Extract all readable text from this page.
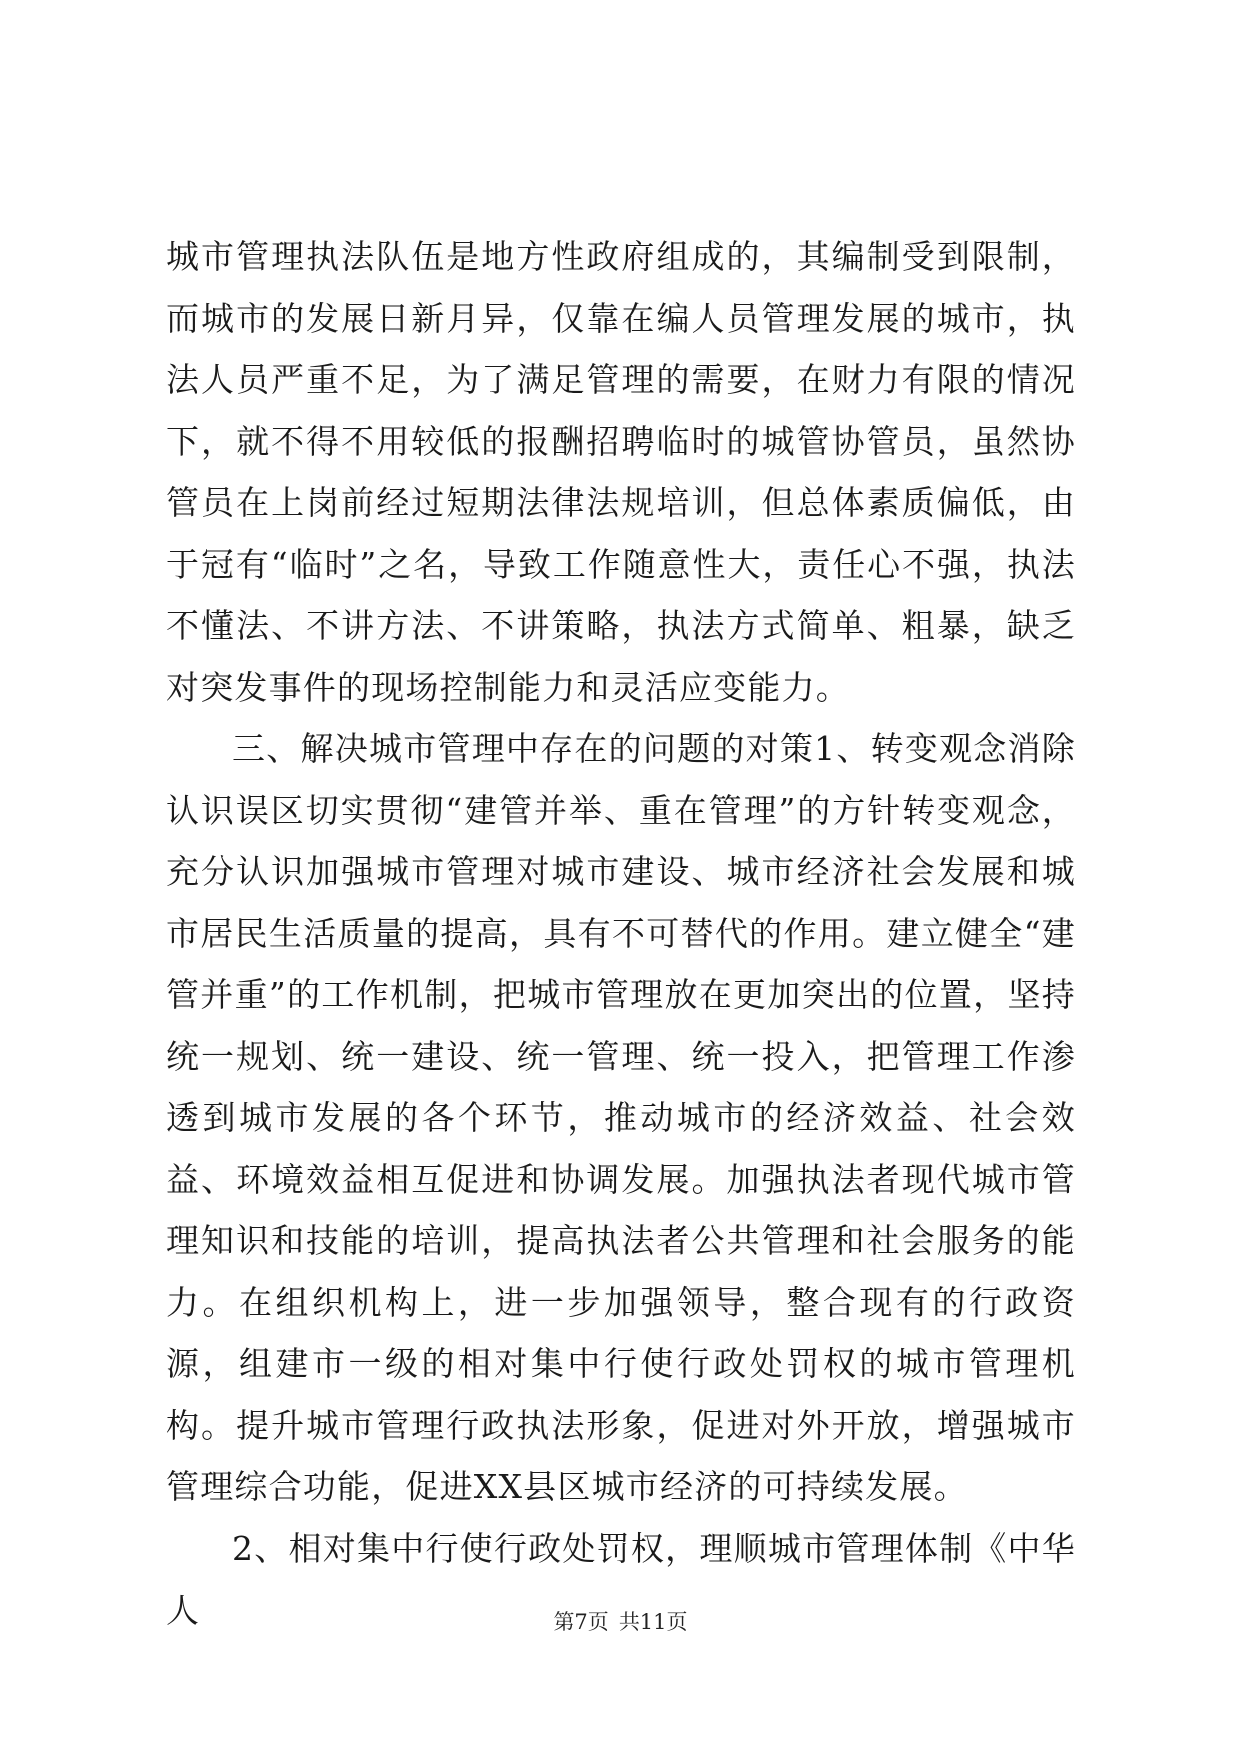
城市管理执法队伍是地方性政府组成的，其编制受到限制，而城市的发展日新月异，仅靠在编人员管理发展的城市，执法人员严重不足，为了满足管理的需要，在财力有限的情况下，就不得不用较低的报酬招聘临时的城管协管员，虽然协管员在上岗前经过短期法律法规培训，但总体素质偏低，由于冠有“临时”之名，导致工作随意性大，责任心不强，执法不懂法、不讲方法、不讲策略，执法方式简单、粗暴，缺乏对突发事件的现场控制能力和灵活应变能力。

三、解决城市管理中存在的问题的对策1、转变观念消除认识误区切实贯彻“建管并举、重在管理”的方针转变观念，充分认识加强城市管理对城市建设、城市经济社会发展和城市居民生活质量的提高，具有不可替代的作用。建立健全“建管并重”的工作机制，把城市管理放在更加突出的位置，坚持统一规划、统一建设、统一管理、统一投入，把管理工作渗透到城市发展的各个环节，推动城市的经济效益、社会效益、环境效益相互促进和协调发展。加强执法者现代城市管理知识和技能的培训，提高执法者公共管理和社会服务的能力。在组织机构上，进一步加强领导，整合现有的行政资源，组建市一级的相对集中行使行政处罚权的城市管理机构。提升城市管理行政执法形象，促进对外开放，增强城市管理综合功能，促进XX县区城市经济的可持续发展。

2、相对集中行使行政处罚权，理顺城市管理体制《中华人	第7页 共11页
